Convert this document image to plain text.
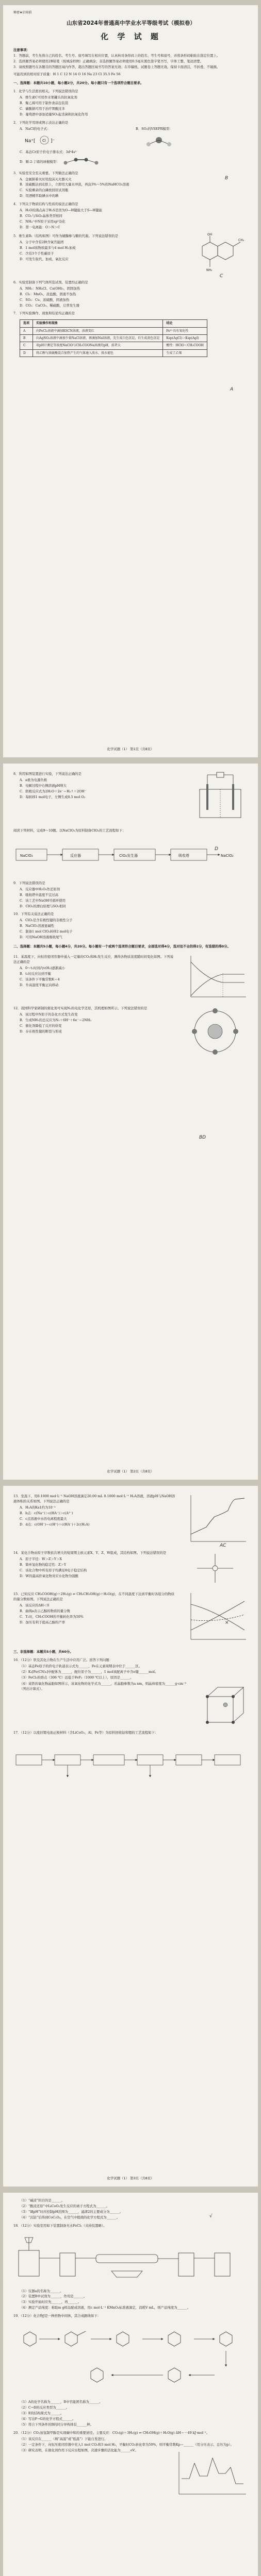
秘密★启用前
山东省2024年普通高中学业水平等级考试（模拟卷）
化 学 试 题
注意事项：
1．答题前，考生先将自己的姓名、考生号、座号填写在相应位置，认真核对条形码上的姓名、考生号和座号，并将条形码粘贴在指定位置上。
2．选择题答案必须使用2B铅笔（按填涂样例）正确填涂；非选择题答案必须使用0.5毫米黑色签字笔书写，字体工整、笔迹清楚。
3．请按照题号在各题目的答题区域内作答，超出答题区域书写的答案无效；在草稿纸、试题卷上答题无效。保持卡面清洁，不折叠、不破损。
可能用到的相对原子质量：H 1 C 12 N 14 O 16 Na 23 Cl 35.5 Fe 56
一、选择题：本题共10小题，每小题2分，共20分。每小题只有一个选项符合题目要求。
1．化学与生活密切相关。下列说法错误的是
A．维生素C可用作水果罐头的抗氧化剂
B．聚乙烯可用于制作食品包装袋
C．碳酸钠可用于治疗胃酸过多
D．葡萄酒中添加适量SO₂起杀菌和抗氧化作用
2．下列化学用语或图示表达正确的是
A．NaCl的电子式：
Na⁺[ Cl ]⁻
B．SO₂的VSEPR模型：
C．基态Cr原子价电子排布式：3d⁴4s²
D．顺-2-丁烯的球棍模型：
3．实验室安全至关重要。下列做法正确的是
A．金属钠着火时用泡沫灭火器灭火
B．浓硫酸沾到皮肤上，立即用大量水冲洗，再涂3%～5%的NaHCO₃溶液
C．实验剩余的白磷放回原试剂瓶
D．用酒精萃取碘水中的碘
4．下列关于物质结构与性质的说法正确的是
A．H₂O的沸点高于H₂S是因为O—H键能大于S—H键能
B．CO₂与SiO₂晶体类型相同
C．NH₄⁺中N原子采用sp³杂化
D．第一电离能：O＞N＞C
5．维生素B₁（结构如图）可作为辅酶参与糖的代谢。下列说法错误的是
A．分子中含有2种含氧官能团
B．1 mol该物质最多与4 mol H₂加成
C．含有3个手性碳原子
D．可发生取代、加成、氧化反应
OH
CH₃
NH₂
6．实验室制备下列气体所选试剂、装置均正确的是
A．NH₃：NH₄Cl、Ca(OH)₂，固固加热
B．Cl₂：MnO₂、浓盐酸，固液不加热
C．SO₂：Cu、浓硫酸，固液加热
D．CO₂：CaCO₃、稀硫酸，启普发生器
7．下列实验操作、现象和结论均正确的是
选项	实验操作和现象	结论
A	向FeCl₃溶液中滴加KSCN溶液，溶液变红	Fe³⁺具有氧化性
B	向AgNO₃溶液中滴加少量NaCl溶液，再滴加NaI溶液，先生成白色沉淀，后生成黄色沉淀	Ksp(AgCl)＞Ksp(AgI)
C	用pH计测定等浓度NaClO与CH₃COONa溶液的pH，前者大	酸性：HClO＜CH₃COOH
D	将乙醇与浓硫酸混合加热产生的气体通入溴水，溴水褪色	生成了乙烯
B
C
A
化学试题（1） 第1页（共8页）
8．利用如图装置进行实验，下列说法正确的是
A．a极为电源负极
B．电解过程中右侧溶液pH增大
C．阴极反应式为2H₂O＋2e⁻＝H₂↑＋2OH⁻
D．每转移1 mol电子，左侧生成0.5 mol O₂
阅读下列材料，完成9～10题。以NaClO₃为原料制备ClO₂的工艺流程如下：
NaClO₃	反应器	ClO₂发生器	吸收塔	NaClO₂
9．下列说法错误的是
A．反应器中H₂O₂作还原剂
B．吸收塔中温度不宜过高
C．该工艺中NaOH可循环使用
D．ClO₂的漂白原理与SO₂相同
10．下列有关说法正确的是
A．ClO₂是含有极性键的非极性分子
B．NaClO₂溶液显碱性
C．制备1 mol ClO₂转移2 mol电子
D．可用NaOH溶液吸收尾气
二、选择题：本题共5小题，每小题4分，共20分。每小题有一个或两个选项符合题目要求，全部选对得4分，选对但不全的得2分，有选错的得0分。
11．某温度下，向恒容密闭容器中通入一定量的CO₂和H₂发生反应，测得各物质浓度随时间变化如图。下列说法正确的是
A．0～t₁时间内v(H₂)逐渐减小
B．t₁时反应达到平衡
C．该条件下平衡常数K＝4
D．升高温度平衡正向移动
12．我国科学家研制的催化剂可实现N₂的电化学还原，其机理如图所示。下列说法错误的是
A．该过程中N原子的杂化方式发生改变
B．生成NH₃的总反应为N₂＋6H⁺＋6e⁻＝2NH₃
C．催化剂降低了反应的焓变
D．存在极性键的断裂与形成
D
BD
化学试题（1） 第2页（共8页）
13．室温下，用0.1000 mol·L⁻¹ NaOH溶液滴定20.00 mL 0.1000 mol·L⁻¹ H₂A溶液，溶液pH与NaOH溶液体积的关系如图。下列说法正确的是
A．H₂A的Ka1约为10⁻²
B．b点：c(Na⁺)＞c(HA⁻)＞c(A²⁻)
C．c点溶液中水的电离程度最大
D．d点：c(OH⁻)＝c(H⁺)＋c(HA⁻)＋2c(H₂A)
14．某化合物由原子序数依次增大的短周期主族元素X、Y、Z、W组成，其结构如图。下列说法错误的是
A．原子半径：W＞Z＞Y＞X
B．简单氢化物的稳定性：Z＞Y
C．该化合物中所有原子均满足8电子稳定结构
D．W的最高价氧化物对应水化物为强酸
15．已知反应 CH₃COOH(g)＋2H₂(g) ⇌ CH₃CH₂OH(g)＋H₂O(g)，在不同温度下达到平衡时各组分的物质的量分数如图。下列说法正确的是
A．该反应的ΔH＜0
B．曲线a表示乙醇的物质的量分数
C．T₁时，CH₃COOH的平衡转化率为50%
D．加压有利于提高乙醇的产率
三、非选择题：本题共5小题，共60分。
16．（12分）铁及其化合物在生产生活中应用广泛。回答下列问题：
（1）基态Fe原子的价电子轨道表示式为______，Fe在元素周期表中位于______区。
（2）K₃[Fe(CN)₆]中配体为______，配位原子为______，1 mol该配离子中含σ键______mol。
（3）FeCl₃的熔点（306 ℃）远低于FeF₃（1000 ℃以上），原因是______。
（4）某铁的氧化物晶胞如图所示，该氧化物的化学式为______，若晶胞参数为a nm，则晶体密度为______g·cm⁻³（列出计算式）。
17．（12分）以废旧锂电池正极材料（含LiCoO₂、Al、Fe等）为原料回收钴和锂的工艺流程如下：
AC
×
化学试题（1） 第3页（共8页）
（1）“碱浸”的目的是______。
（2）“酸浸还原”中LiCoO₂发生反应的离子方程式为______。
（3）“调pH”时应控制pH范围为______，滤渣2的主要成分为______。
（4）“沉钴”后得到CoC₂O₄，在空气中煅烧的化学方程式为______。
18．（12分）实验室用如下装置制备无水FeCl₂（夹持装置略）。
（1）仪器a的名称为______。
（2）装置B中试剂为______，作用是______。
（3）实验开始时应先______，再______。
（4）测定产品纯度：称取m g样品配成溶液，用c mol·L⁻¹ KMnO₄标准液滴定，消耗V mL，则产品纯度为______。
19．（12分）化合物J是一种药物中间体，其合成路线如下：
（1）A的化学名称为______，B中官能团名称为______。
（2）C→D的反应类型为______。
（3）E的结构简式为______。
（4）写出F→G的化学方程式______。
（5）符合下列条件的B的同分异构体有______种。
20．（12分）CO₂加氢制甲醇是实现碳中和的重要途径。主要反应：CO₂(g)＋3H₂(g) ⇌ CH₃OH(g)＋H₂O(g) ΔH＝－49 kJ·mol⁻¹。
（1）该反应在______（填“高温”或“低温”）下能自发进行。
（2）一定条件下，向恒压密闭容器中充入1 mol CO₂和3 mol H₂，平衡时CO₂转化率为50%，则平衡常数Kp＝______（用分压表示，总压为p）。
（3）研究表明，在催化剂作用下反应历程如图，决速步骤的活化能为______eV。
√
